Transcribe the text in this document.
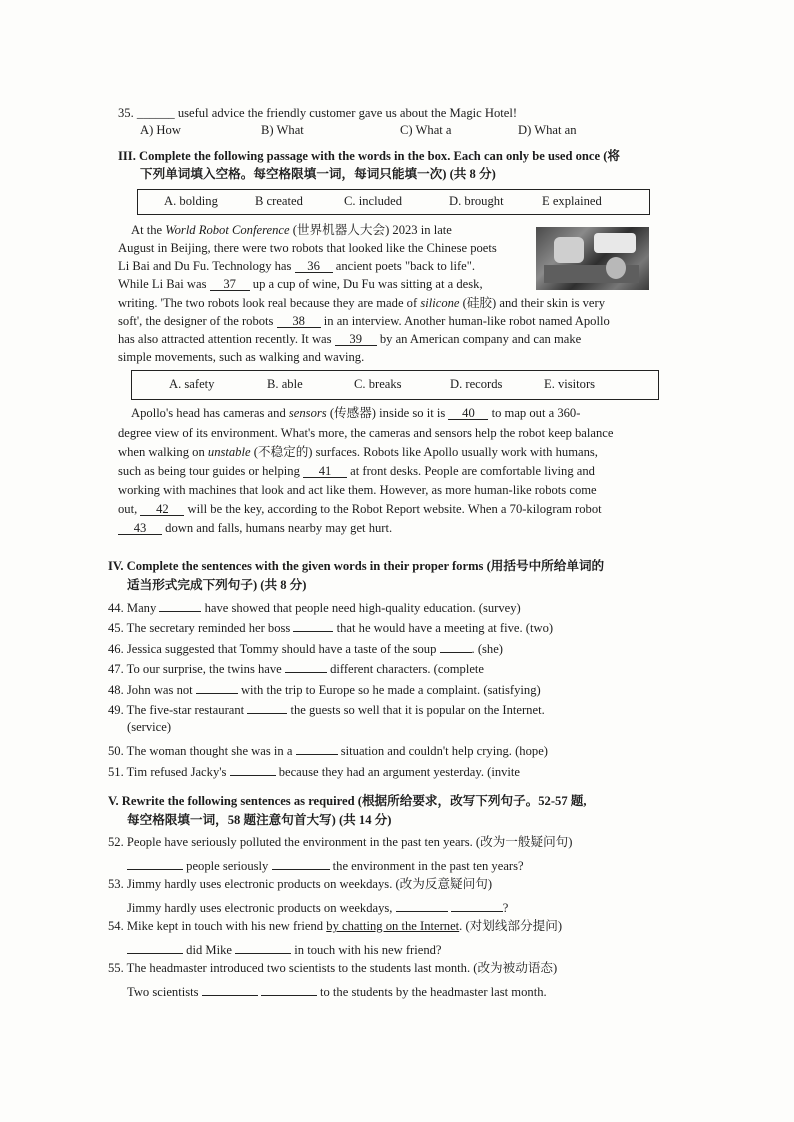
35. ______ useful advice the friendly customer gave us about the Magic Hotel!
A) How	B) What	C) What a	D) What an
III. Complete the following passage with the words in the box. Each can only be used once (将
下列单词填入空格。每空格限填一词，每词只能填一次) (共 8 分)
A. bolding	B created	C. included	D. brought	E explained
At the World Robot Conference (世界机器人大会) 2023 in late
August in Beijing, there were two robots that looked like the Chinese poets
Li Bai and Du Fu. Technology has 36 ancient poets "back to life".
While Li Bai was 37 up a cup of wine, Du Fu was sitting at a desk,
writing. 'The two robots look real because they are made of silicone (硅胶) and their skin is very
soft', the designer of the robots 38 in an interview. Another human-like robot named Apollo
has also attracted attention recently. It was 39 by an American company and can make
simple movements, such as walking and waving.
A. safety	B. able	C. breaks	D. records	E. visitors
Apollo's head has cameras and sensors (传感器) inside so it is 40 to map out a 360-
degree view of its environment. What's more, the cameras and sensors help the robot keep balance
when walking on unstable (不稳定的) surfaces. Robots like Apollo usually work with humans,
such as being tour guides or helping 41 at front desks. People are comfortable living and
working with machines that look and act like them. However, as more human-like robots come
out, 42 will be the key, according to the Robot Report website. When a 70-kilogram robot
43 down and falls, humans nearby may get hurt.
IV. Complete the sentences with the given words in their proper forms (用括号中所给单词的
适当形式完成下列句子) (共 8 分)
44. Many	have showed that people need high-quality education. (survey)
45. The secretary reminded her boss	that he would have a meeting at five. (two)
46. Jessica suggested that Tommy should have a taste of the soup	. (she)
47. To our surprise, the twins have	different characters. (complete
48. John was not	with the trip to Europe so he made a complaint. (satisfying)
49. The five-star restaurant	the guests so well that it is popular on the Internet.
(service)
50. The woman thought she was in a	situation and couldn't help crying. (hope)
51. Tim refused Jacky's	because they had an argument yesterday. (invite
V. Rewrite the following sentences as required (根据所给要求，改写下列句子。52-57 题,
每空格限填一词，58 题注意句首大写) (共 14 分)
52. People have seriously polluted the environment in the past ten years. (改为一般疑问句)
people seriously	the environment in the past ten years?
53. Jimmy hardly uses electronic products on weekdays. (改为反意疑问句)
Jimmy hardly uses electronic products on weekdays,	?
54. Mike kept in touch with his new friend by chatting on the Internet. (对划线部分提问)
did Mike	in touch with his new friend?
55. The headmaster introduced two scientists to the students last month. (改为被动语态)
Two scientists	to the students by the headmaster last month.
